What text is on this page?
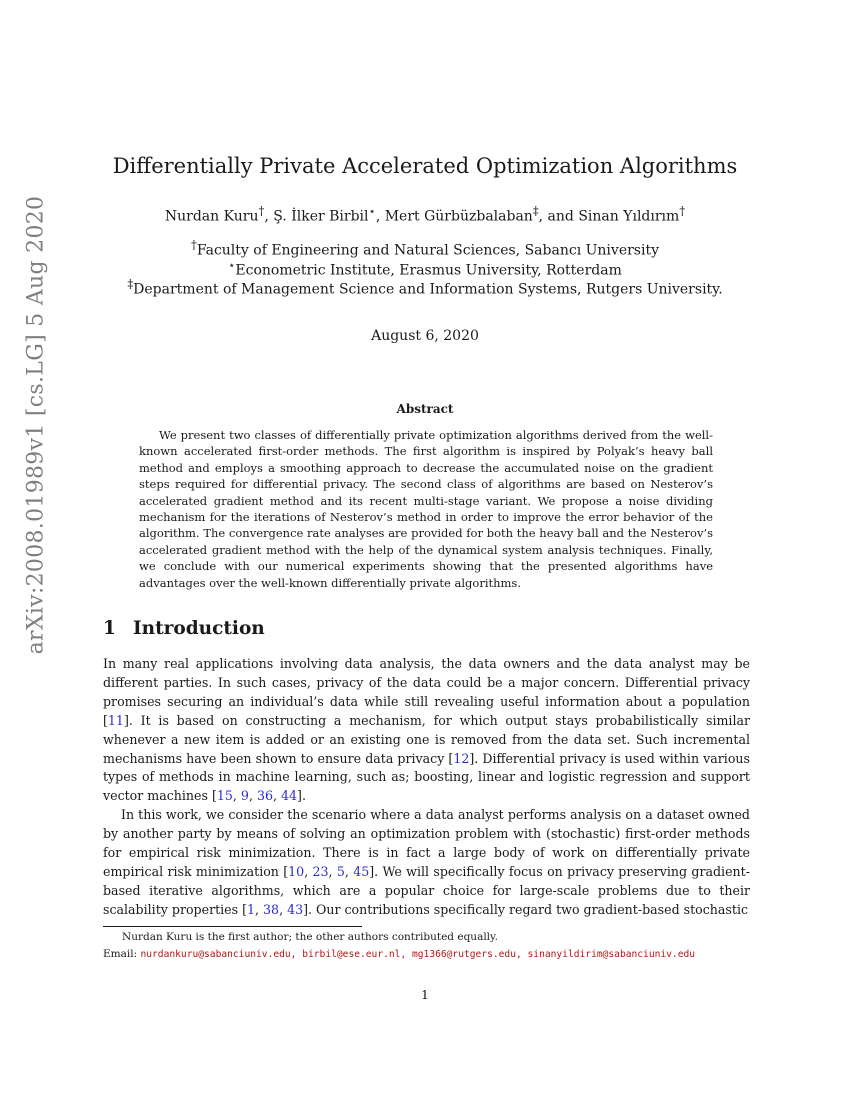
arXiv:2008.01989v1 [cs.LG] 5 Aug 2020
Differentially Private Accelerated Optimization Algorithms
Nurdan Kuru†, Ş. İlker Birbil⋆, Mert Gürbüzbalaban‡, and Sinan Yıldırım†
†Faculty of Engineering and Natural Sciences, Sabancı University
⋆Econometric Institute, Erasmus University, Rotterdam
‡Department of Management Science and Information Systems, Rutgers University.
August 6, 2020
Abstract

We present two classes of differentially private optimization algorithms derived from the well-known accelerated first-order methods. The first algorithm is inspired by Polyak’s heavy ball method and employs a smoothing approach to decrease the accumulated noise on the gradient steps required for differential privacy. The second class of algorithms are based on Nesterov’s accelerated gradient method and its recent multi-stage variant. We propose a noise dividing mechanism for the iterations of Nesterov’s method in order to improve the error behavior of the algorithm. The convergence rate analyses are provided for both the heavy ball and the Nesterov’s accelerated gradient method with the help of the dynamical system analysis techniques. Finally, we conclude with our numerical experiments showing that the presented algorithms have advantages over the well-known differentially private algorithms.

1 Introduction

In many real applications involving data analysis, the data owners and the data analyst may be different parties. In such cases, privacy of the data could be a major concern. Differential privacy promises securing an individual’s data while still revealing useful information about a population [11]. It is based on constructing a mechanism, for which output stays probabilistically similar whenever a new item is added or an existing one is removed from the data set. Such incremental mechanisms have been shown to ensure data privacy [12]. Differential privacy is used within various types of methods in machine learning, such as; boosting, linear and logistic regression and support vector machines [15, 9, 36, 44].

In this work, we consider the scenario where a data analyst performs analysis on a dataset owned by another party by means of solving an optimization problem with (stochastic) first-order methods for empirical risk minimization. There is in fact a large body of work on differentially private empirical risk minimization [10, 23, 5, 45]. We will specifically focus on privacy preserving gradient-based iterative algorithms, which are a popular choice for large-scale problems due to their scalability properties [1, 38, 43]. Our contributions specifically regard two gradient-based stochastic

Nurdan Kuru is the first author; the other authors contributed equally.
Email: nurdankuru@sabanciuniv.edu, birbil@ese.eur.nl, mg1366@rutgers.edu, sinanyildirim@sabanciuniv.edu
1
